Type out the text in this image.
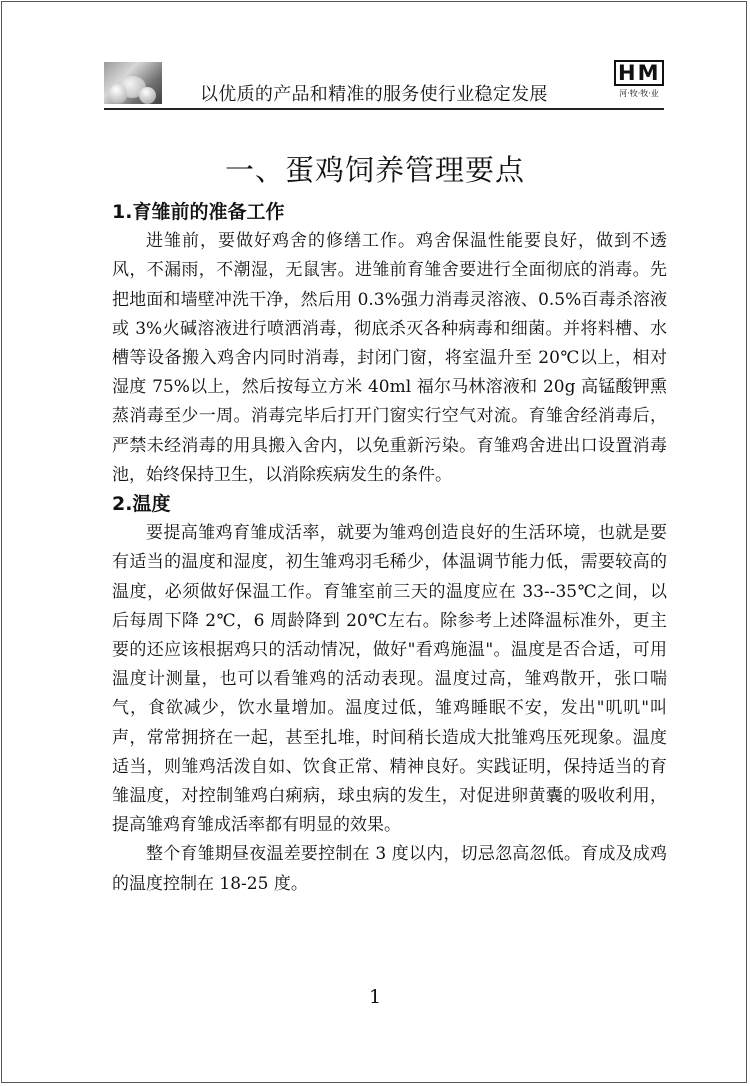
以优质的产品和精准的服务使行业稳定发展
HM
河·牧·牧·业
一、蛋鸡饲养管理要点
1.育雏前的准备工作

进雏前，要做好鸡舍的修缮工作。鸡舍保温性能要良好，做到不透风，不漏雨，不潮湿，无鼠害。进雏前育雏舍要进行全面彻底的消毒。先把地面和墙壁冲洗干净，然后用 0.3%强力消毒灵溶液、0.5%百毒杀溶液或 3%火碱溶液进行喷洒消毒，彻底杀灭各种病毒和细菌。并将料槽、水槽等设备搬入鸡舍内同时消毒，封闭门窗，将室温升至 20℃以上，相对湿度 75%以上，然后按每立方米 40ml 福尔马林溶液和 20g 高锰酸钾熏蒸消毒至少一周。消毒完毕后打开门窗实行空气对流。育雏舍经消毒后，严禁未经消毒的用具搬入舍内，以免重新污染。育雏鸡舍进出口设置消毒池，始终保持卫生，以消除疾病发生的条件。

2.温度

要提高雏鸡育雏成活率，就要为雏鸡创造良好的生活环境，也就是要有适当的温度和湿度，初生雏鸡羽毛稀少，体温调节能力低，需要较高的温度，必须做好保温工作。育雏室前三天的温度应在 33--35℃之间，以后每周下降 2℃，6 周龄降到 20℃左右。除参考上述降温标准外，更主要的还应该根据鸡只的活动情况，做好"看鸡施温"。温度是否合适，可用温度计测量，也可以看雏鸡的活动表现。温度过高，雏鸡散开，张口喘气，食欲减少，饮水量增加。温度过低，雏鸡睡眠不安，发出"叽叽"叫声，常常拥挤在一起，甚至扎堆，时间稍长造成大批雏鸡压死现象。温度适当，则雏鸡活泼自如、饮食正常、精神良好。实践证明，保持适当的育雏温度，对控制雏鸡白痢病，球虫病的发生，对促进卵黄囊的吸收利用，提高雏鸡育雏成活率都有明显的效果。

整个育雏期昼夜温差要控制在 3 度以内，切忌忽高忽低。育成及成鸡的温度控制在 18-25 度。

1
